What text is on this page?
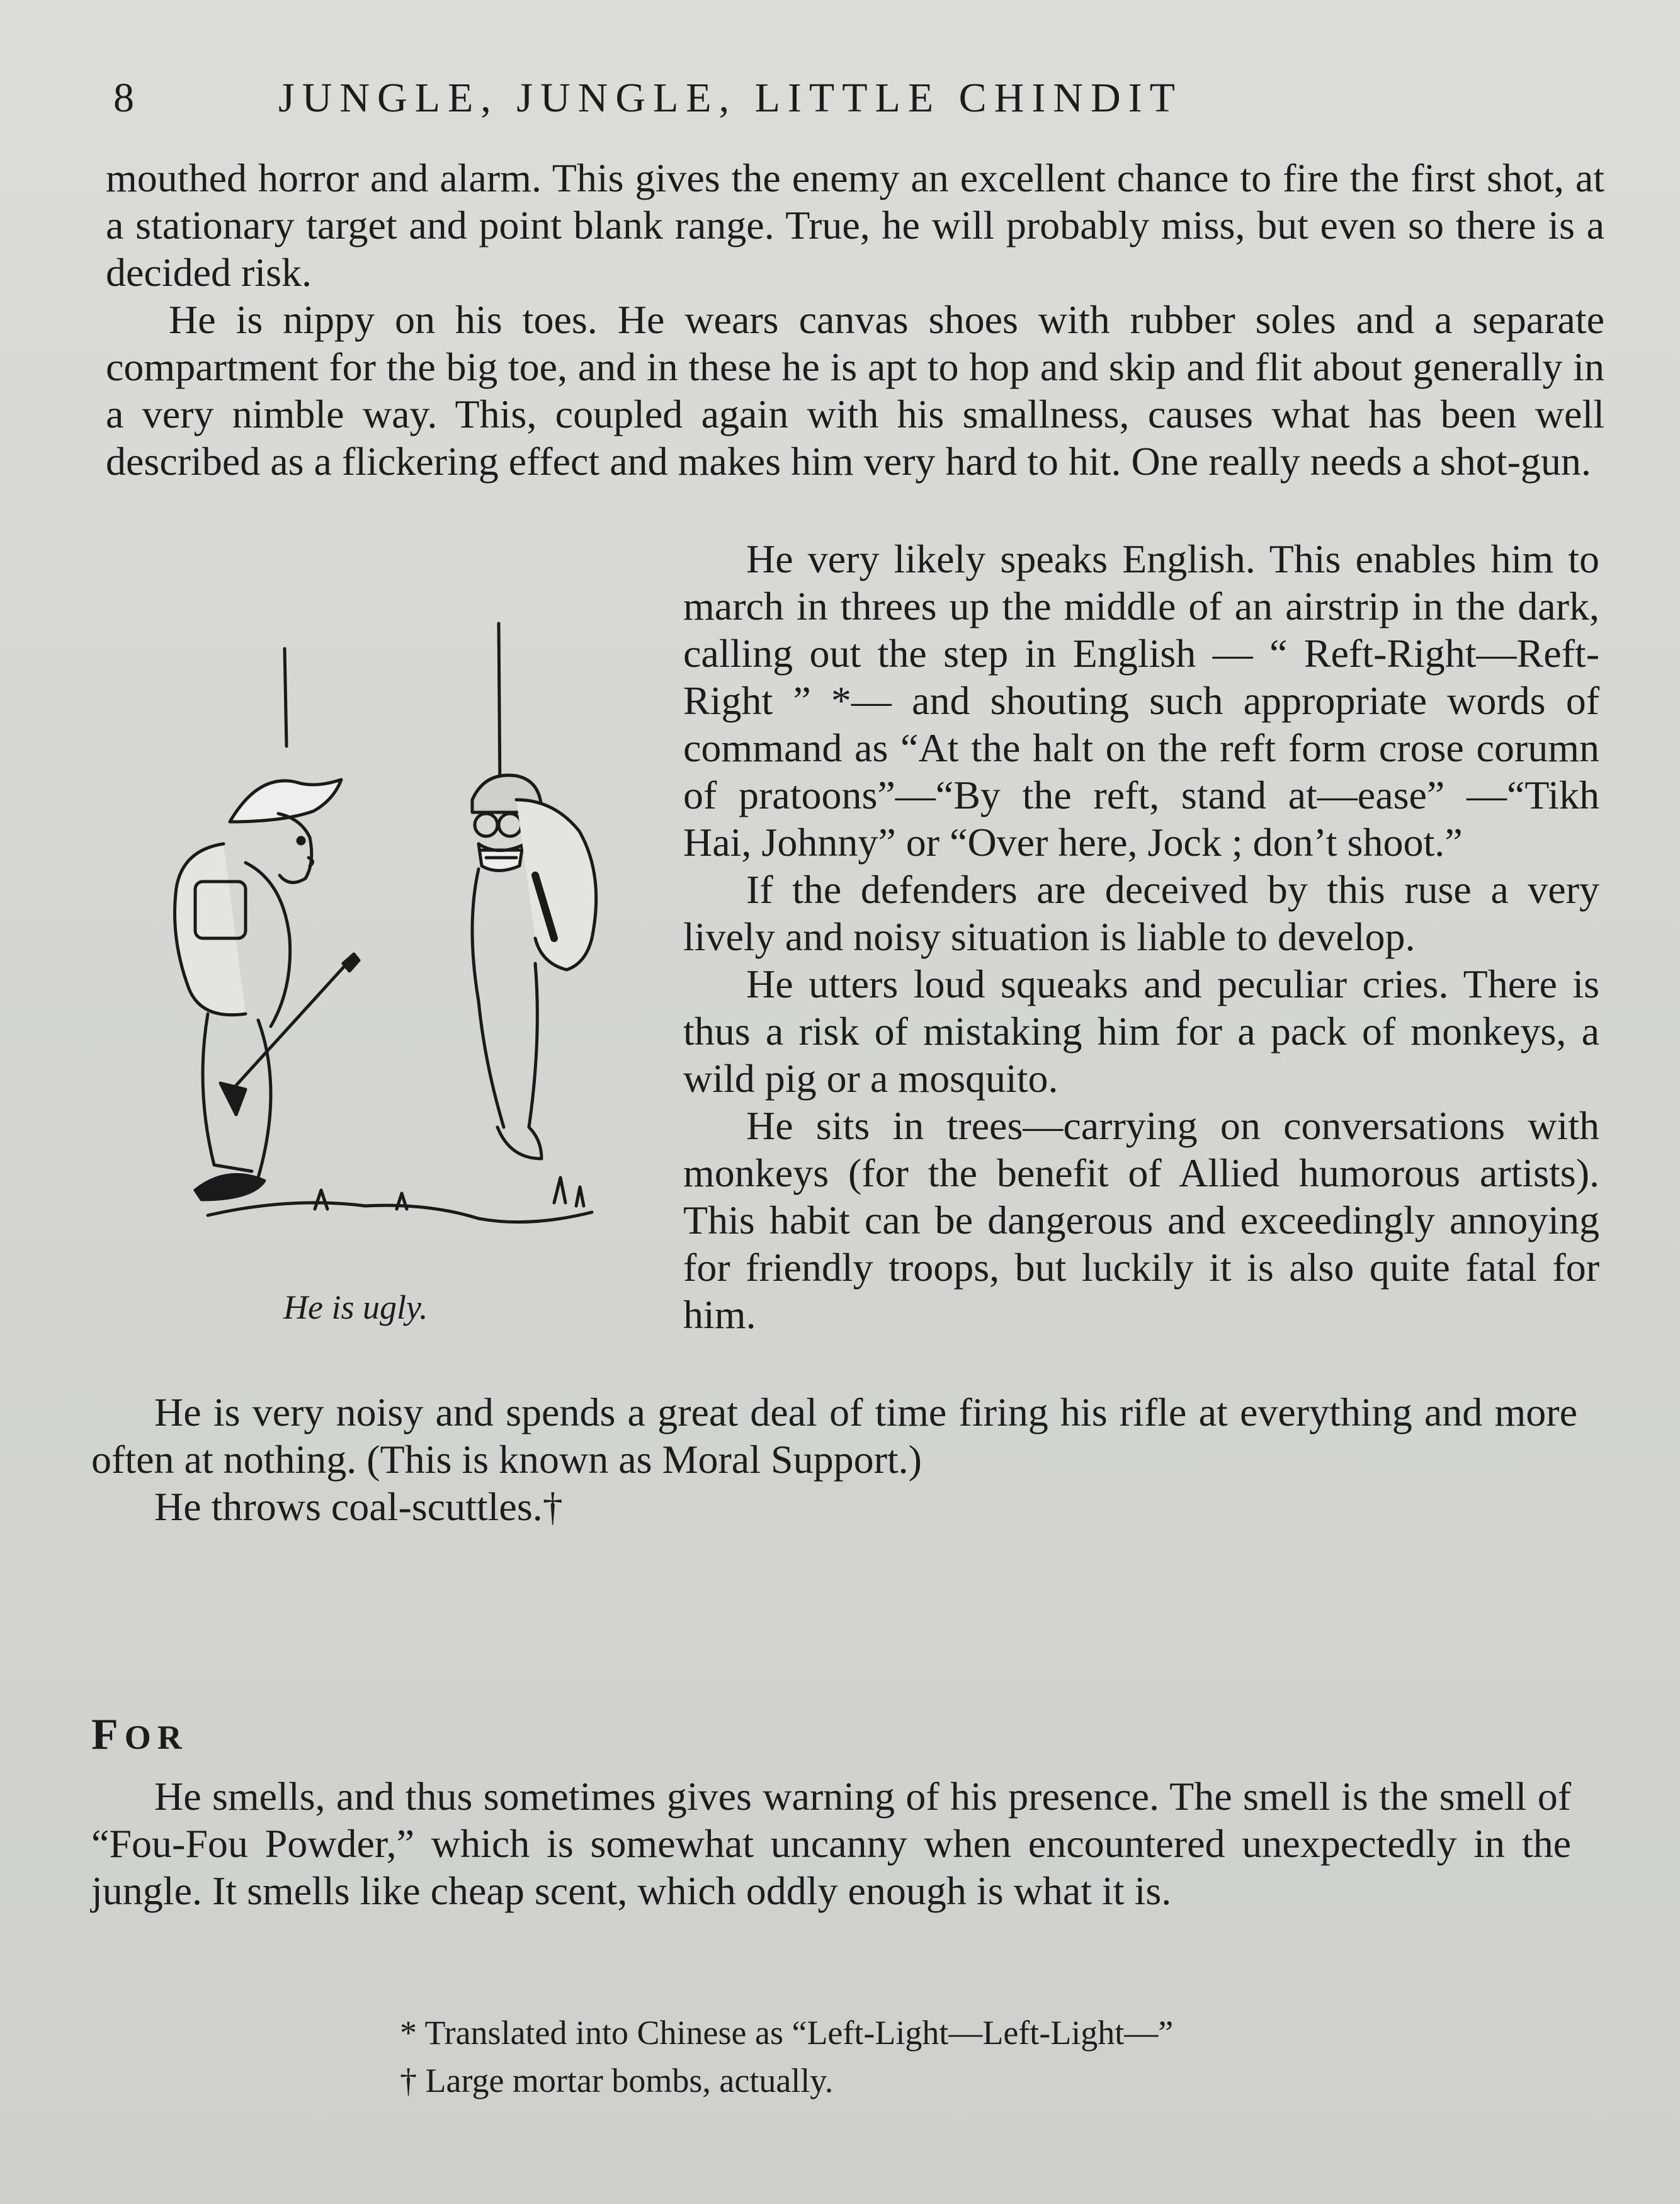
8	JUNGLE, JUNGLE, LITTLE CHINDIT

mouthed horror and alarm. This gives the enemy an excellent chance to fire the first shot, at a stationary target and point blank range. True, he will probably miss, but even so there is a decided risk.

He is nippy on his toes. He wears canvas shoes with rubber soles and a separate compartment for the big toe, and in these he is apt to hop and skip and flit about generally in a very nimble way. This, coupled again with his smallness, causes what has been well described as a flickering effect and makes him very hard to hit. One really needs a shot-gun.

He is ugly.

He very likely speaks English. This enables him to march in threes up the middle of an airstrip in the dark, calling out the step in English — “ Reft-Right—Reft-Right ” *— and shouting such appropriate words of command as “At the halt on the reft form crose corumn of pratoons”—“By the reft, stand at—ease” —“Tikh Hai, Johnny” or “Over here, Jock ; don’t shoot.”

If the defenders are deceived by this ruse a very lively and noisy situation is liable to develop.

He utters loud squeaks and peculiar cries. There is thus a risk of mistaking him for a pack of monkeys, a wild pig or a mosquito.

He sits in trees—carrying on conversations with monkeys (for the benefit of Allied humorous artists). This habit can be dangerous and exceedingly annoying for friendly troops, but luckily it is also quite fatal for him.

He is very noisy and spends a great deal of time firing his rifle at everything and more often at nothing. (This is known as Moral Support.)

He throws coal-scuttles.†

FOR

He smells, and thus sometimes gives warning of his presence. The smell is the smell of “Fou-Fou Powder,” which is somewhat uncanny when encountered unexpectedly in the jungle. It smells like cheap scent, which oddly enough is what it is.

* Translated into Chinese as “Left-Light—Left-Light—”
† Large mortar bombs, actually.
